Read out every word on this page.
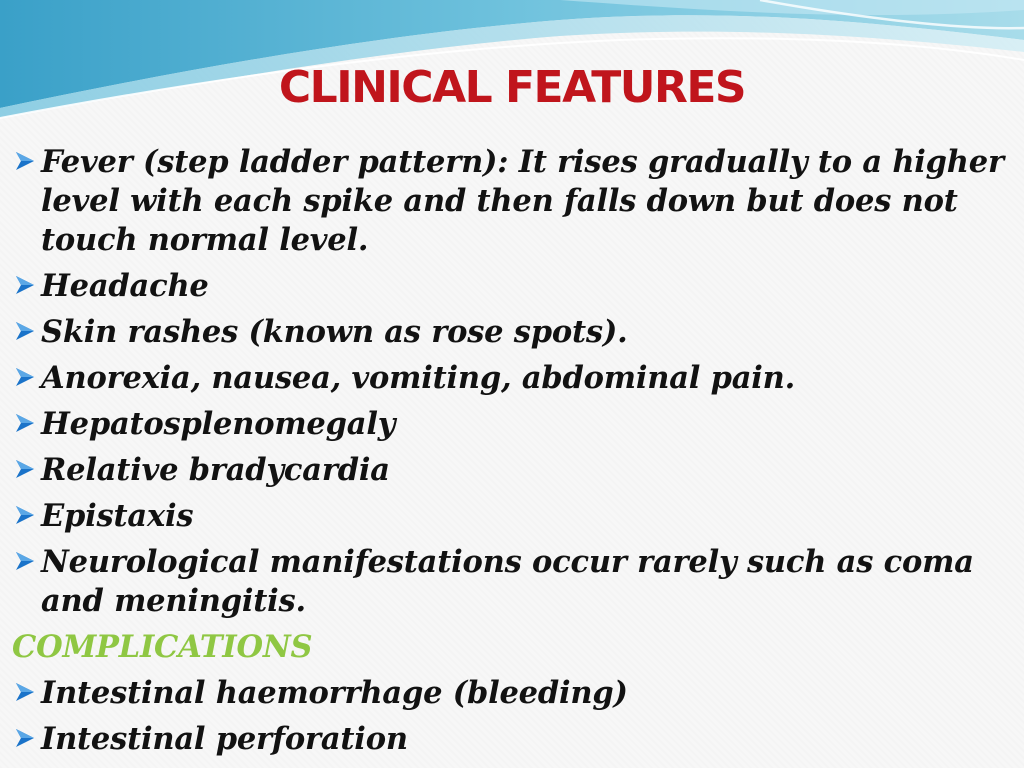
CLINICAL FEATURES
Fever (step ladder pattern): It rises gradually to a higher level with each spike and then falls down but does not touch normal level.
Headache
Skin rashes (known as rose spots).
Anorexia, nausea, vomiting, abdominal pain.
Hepatosplenomegaly
Relative bradycardia
Epistaxis
Neurological manifestations occur rarely such as coma and meningitis.
COMPLICATIONS
Intestinal haemorrhage (bleeding)
Intestinal perforation
